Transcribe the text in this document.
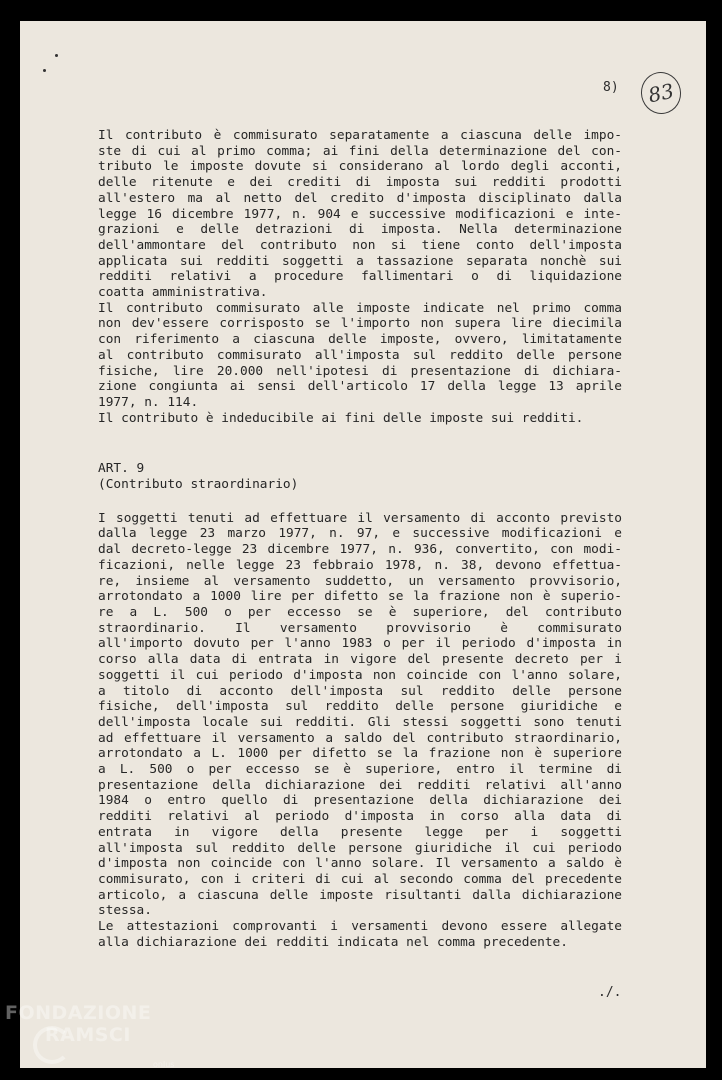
8)	83
Il contributo è commisurato separatamente a ciascuna delle impo-
ste di cui al primo comma; ai fini della determinazione del con-
tributo le imposte dovute si considerano al lordo degli acconti,
delle ritenute e dei crediti di imposta sui redditi prodotti
all'estero ma al netto del credito d'imposta disciplinato dalla
legge 16 dicembre 1977, n. 904 e successive modificazioni e inte-
grazioni e delle detrazioni di imposta. Nella determinazione
dell'ammontare del contributo non si tiene conto dell'imposta
applicata sui redditi soggetti a tassazione separata nonchè sui
redditi relativi a procedure fallimentari o di liquidazione
coatta amministrativa.
Il contributo commisurato alle imposte indicate nel primo comma
non dev'essere corrisposto se l'importo non supera lire diecimila
con riferimento a ciascuna delle imposte, ovvero, limitatamente
al contributo commisurato all'imposta sul reddito delle persone
fisiche, lire 20.000 nell'ipotesi di presentazione di dichiara-
zione congiunta ai sensi dell'articolo 17 della legge 13 aprile
1977, n. 114.
Il contributo è indeducibile ai fini delle imposte sui redditi.
ART. 9
(Contributo straordinario)
I soggetti tenuti ad effettuare il versamento di acconto previsto
dalla legge 23 marzo 1977, n. 97, e successive modificazioni e
dal decreto-legge 23 dicembre 1977, n. 936, convertito, con modi-
ficazioni, nelle legge 23 febbraio 1978, n. 38, devono effettua-
re, insieme al versamento suddetto, un versamento provvisorio,
arrotondato a 1000 lire per difetto se la frazione non è superio-
re a L. 500 o per eccesso se è superiore, del contributo
straordinario. Il versamento provvisorio è commisurato
all'importo dovuto per l'anno 1983 o per il periodo d'imposta in
corso alla data di entrata in vigore del presente decreto per i
soggetti il cui periodo d'imposta non coincide con l'anno solare,
a titolo di acconto dell'imposta sul reddito delle persone
fisiche, dell'imposta sul reddito delle persone giuridiche e
dell'imposta locale sui redditi. Gli stessi soggetti sono tenuti
ad effettuare il versamento a saldo del contributo straordinario,
arrotondato a L. 1000 per difetto se la frazione non è superiore
a L. 500 o per eccesso se è superiore, entro il termine di
presentazione della dichiarazione dei redditi relativi all'anno
1984 o entro quello di presentazione della dichiarazione dei
redditi relativi al periodo d'imposta in corso alla data di
entrata in vigore della presente legge per i soggetti
all'imposta sul reddito delle persone giuridiche il cui periodo
d'imposta non coincide con l'anno solare. Il versamento a saldo è
commisurato, con i criteri di cui al secondo comma del precedente
articolo, a ciascuna delle imposte risultanti dalla dichiarazione
stessa.
Le attestazioni comprovanti i versamenti devono essere allegate
alla dichiarazione dei redditi indicata nel comma precedente.
./.
FONDAZIONE
RAMSCI
onlus
